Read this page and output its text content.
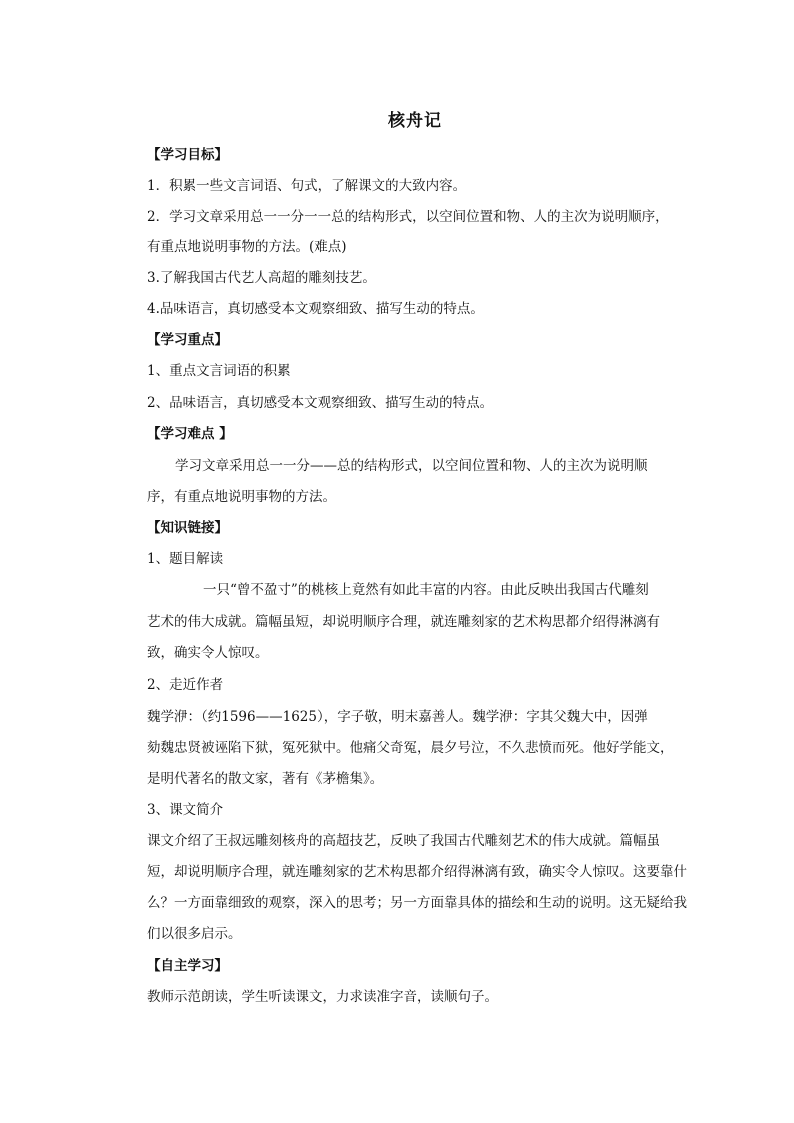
核舟记
【学习目标】
1．积累一些文言词语、句式，了解课文的大致内容。
2．学习文章采用总一一分一一总的结构形式，以空间位置和物、人的主次为说明顺序，
有重点地说明事物的方法。(难点)
3.了解我国古代艺人高超的雕刻技艺。
4.品味语言，真切感受本文观察细致、描写生动的特点。
【学习重点】
1、重点文言词语的积累
2、品味语言，真切感受本文观察细致、描写生动的特点。
【学习难点 】
学习文章采用总一一分——总的结构形式，以空间位置和物、人的主次为说明顺
序，有重点地说明事物的方法。
【知识链接】
1、题目解读
一只“曾不盈寸”的桃核上竟然有如此丰富的内容。由此反映出我国古代雕刻
艺术的伟大成就。篇幅虽短，却说明顺序合理，就连雕刻家的艺术构思都介绍得淋漓有
致，确实令人惊叹。
2、走近作者
魏学洢：（约1596——1625），字子敬，明末嘉善人。魏学洢：字其父魏大中，因弹
劾魏忠贤被诬陷下狱，冤死狱中。他痛父奇冤，晨夕号泣，不久悲愤而死。他好学能文，
是明代著名的散文家，著有《茅檐集》。
3、课文简介
课文介绍了王叔远雕刻核舟的高超技艺，反映了我国古代雕刻艺术的伟大成就。篇幅虽
短，却说明顺序合理，就连雕刻家的艺术构思都介绍得淋漓有致，确实令人惊叹。这要靠什
么？一方面靠细致的观察，深入的思考；另一方面靠具体的描绘和生动的说明。这无疑给我
们以很多启示。
【自主学习】
教师示范朗读，学生听读课文，力求读准字音，读顺句子。
